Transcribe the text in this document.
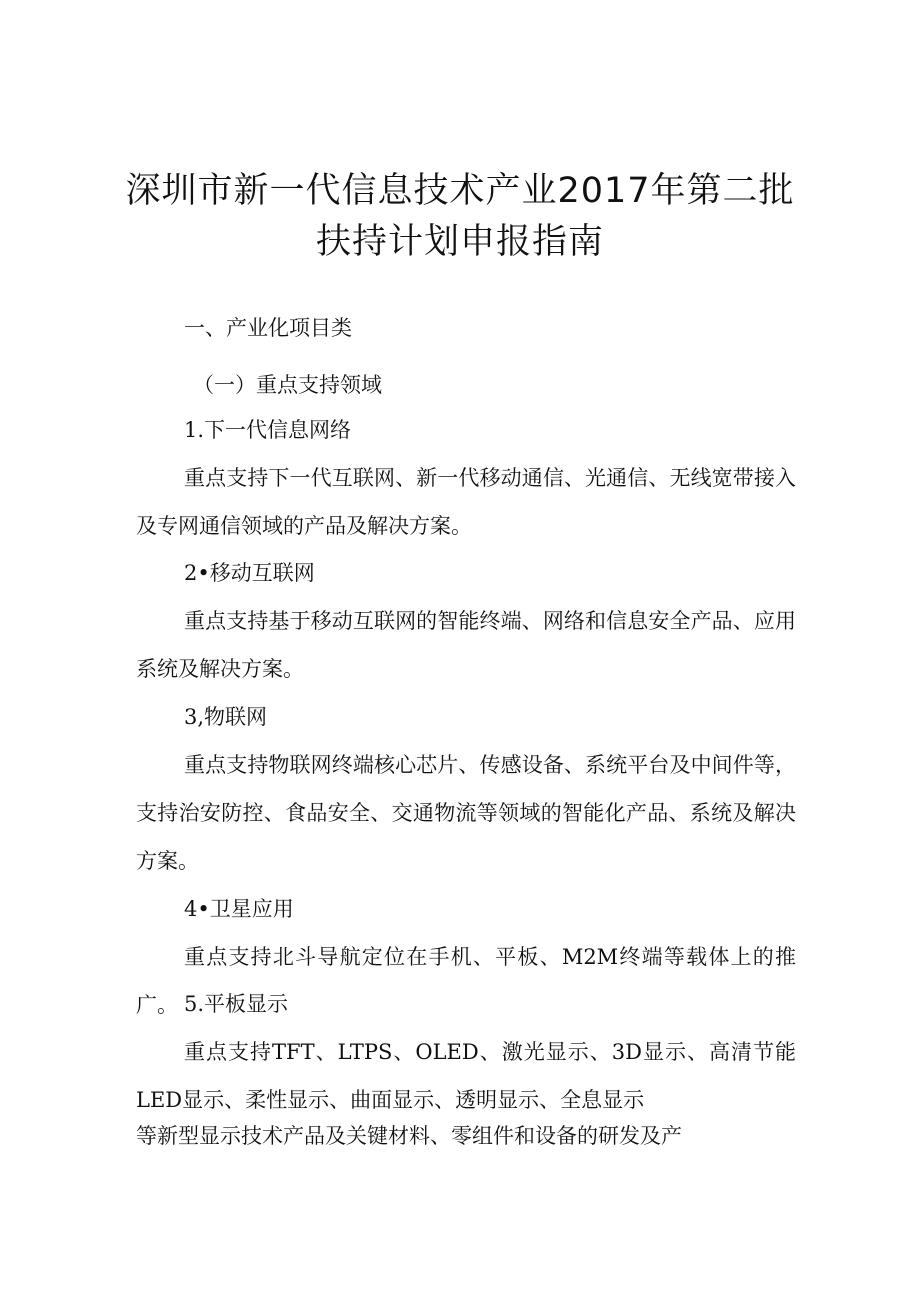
深圳市新一代信息技术产业2017年第二批
扶持计划申报指南
一、产业化项目类
（一）重点支持领域
1.下一代信息网络
重点支持下一代互联网、新一代移动通信、光通信、无线宽带接入及专网通信领域的产品及解决方案。
2•移动互联网
重点支持基于移动互联网的智能终端、网络和信息安全产品、应用系统及解决方案。
3,物联网
重点支持物联网终端核心芯片、传感设备、系统平台及中间件等，支持治安防控、食品安全、交通物流等领域的智能化产品、系统及解决方案。
4•卫星应用
重点支持北斗导航定位在手机、平板、M2M终端等载体上的推广。 5.平板显示
重点支持TFT、LTPS、OLED、激光显示、3D显示、高清节能LED显示、柔性显示、曲面显示、透明显示、全息显示
等新型显示技术产品及关键材料、零组件和设备的研发及产
